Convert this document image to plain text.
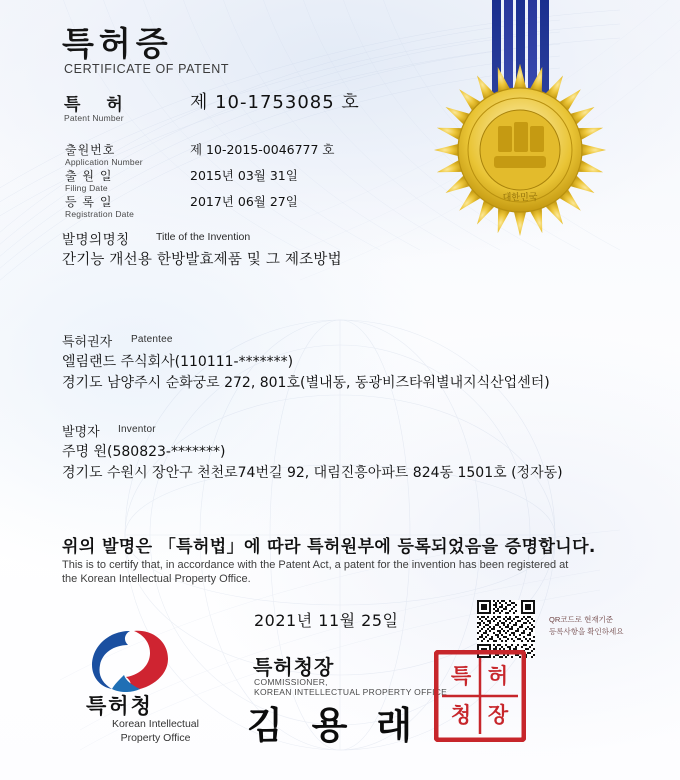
대한민국
특허증
CERTIFICATE OF PATENT
특 허
Patent Number
제 10-1753085 호
출원번호
Application Number
제 10-2015-0046777 호
출 원 일
Filing Date
2015년 03월 31일
등 록 일
Registration Date
2017년 06월 27일
발명의명칭	Title of the Invention
간기능 개선용 한방발효제품 및 그 제조방법
특허권자 Patentee
엘림랜드 주식회사(110111-*******)
경기도 남양주시 순화궁로 272, 801호(별내동, 동광비즈타워별내지식산업센터)
발명자 Inventor
주명 원(580823-*******)
경기도 수원시 장안구 천천로74번길 92, 대림진흥아파트 824동 1501호 (정자동)
위의 발명은 「특허법」에 따라 특허원부에 등록되었음을 증명합니다.
This is to certify that, in accordance with the Patent Act, a patent for the invention has been registered at
the Korean Intellectual Property Office.
2021년 11월 25일	QR코드로 현재기준
등록사항을 확인하세요
특허청장
COMMISSIONER,
KOREAN INTELLECTUAL PROPERTY OFFICE
김 용 래
특 허
청 장
특허청
Korean Intellectual
Property Office
